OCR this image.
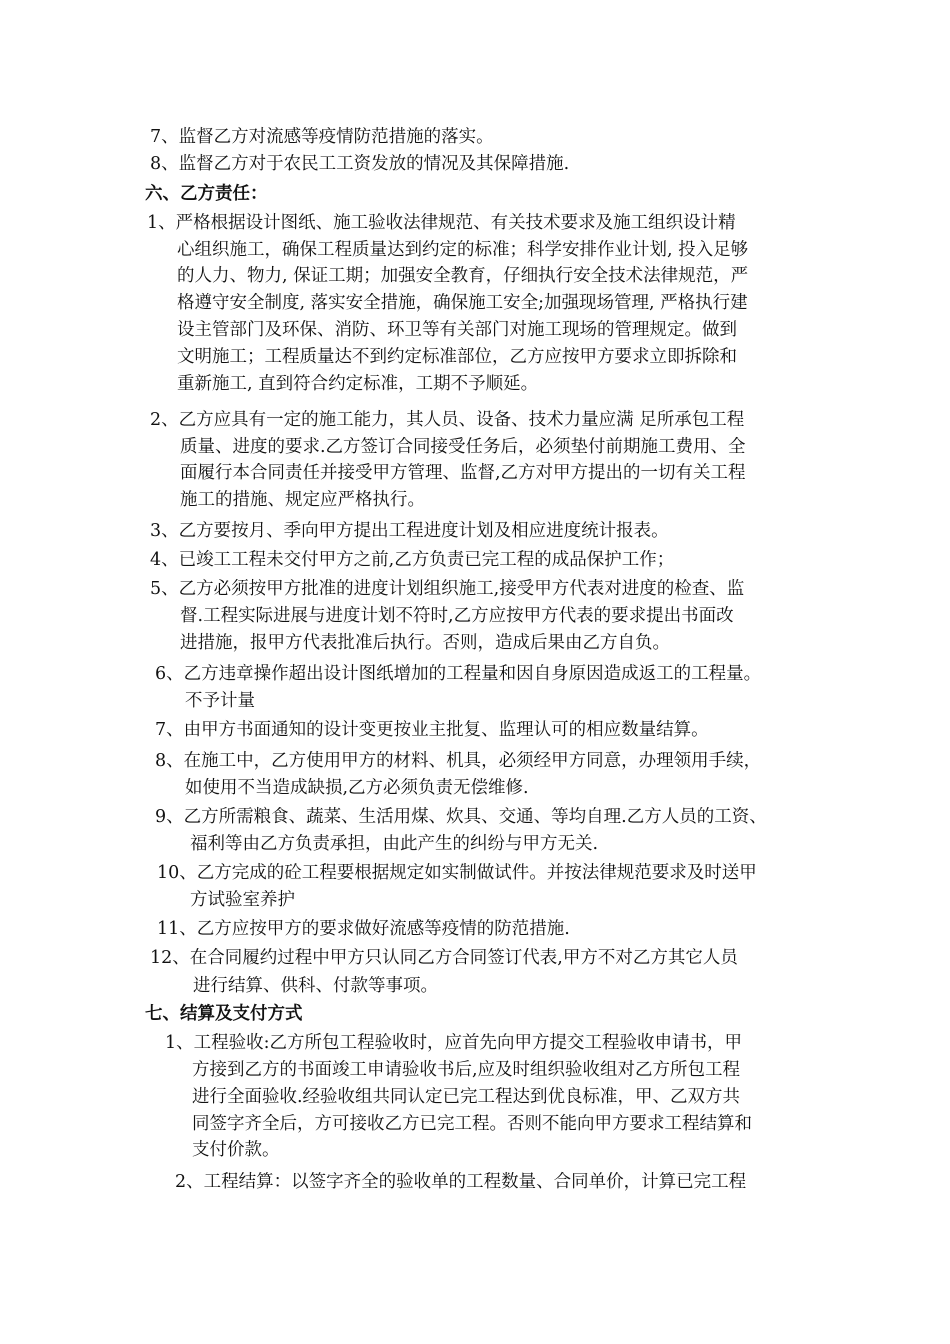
7、监督乙方对流感等疫情防范措施的落实。
8、监督乙方对于农民工工资发放的情况及其保障措施.
六、乙方责任：
1、严格根据设计图纸、施工验收法律规范、有关技术要求及施工组织设计精
心组织施工，确保工程质量达到约定的标准；科学安排作业计划, 投入足够
的人力、物力, 保证工期；加强安全教育，仔细执行安全技术法律规范，严
格遵守安全制度, 落实安全措施，确保施工安全;加强现场管理, 严格执行建
设主管部门及环保、消防、环卫等有关部门对施工现场的管理规定。做到
文明施工；工程质量达不到约定标准部位，乙方应按甲方要求立即拆除和
重新施工, 直到符合约定标准，工期不予顺延。
2、乙方应具有一定的施工能力，其人员、设备、技术力量应满 足所承包工程
质量、进度的要求.乙方签订合同接受任务后，必须垫付前期施工费用、全
面履行本合同责任并接受甲方管理、监督,乙方对甲方提出的一切有关工程
施工的措施、规定应严格执行。
3、乙方要按月、季向甲方提出工程进度计划及相应进度统计报表。
4、已竣工工程未交付甲方之前,乙方负责已完工程的成品保护工作；
5、乙方必须按甲方批准的进度计划组织施工,接受甲方代表对进度的检查、监
督.工程实际进展与进度计划不符时,乙方应按甲方代表的要求提出书面改
进措施，报甲方代表批准后执行。否则，造成后果由乙方自负。
6、乙方违章操作超出设计图纸增加的工程量和因自身原因造成返工的工程量。
不予计量
7、由甲方书面通知的设计变更按业主批复、监理认可的相应数量结算。
8、在施工中，乙方使用甲方的材料、机具，必须经甲方同意，办理领用手续，
如使用不当造成缺损,乙方必须负责无偿维修.
9、乙方所需粮食、蔬菜、生活用煤、炊具、交通、等均自理.乙方人员的工资、
福利等由乙方负责承担，由此产生的纠纷与甲方无关.
10、乙方完成的砼工程要根据规定如实制做试件。并按法律规范要求及时送甲
方试验室养护
11、乙方应按甲方的要求做好流感等疫情的防范措施.
12、在合同履约过程中甲方只认同乙方合同签订代表,甲方不对乙方其它人员
进行结算、供科、付款等事项。
七、结算及支付方式
1、工程验收:乙方所包工程验收时，应首先向甲方提交工程验收申请书，甲
方接到乙方的书面竣工申请验收书后,应及时组织验收组对乙方所包工程
进行全面验收.经验收组共同认定已完工程达到优良标准，甲、乙双方共
同签字齐全后，方可接收乙方已完工程。否则不能向甲方要求工程结算和
支付价款。
2、工程结算：以签字齐全的验收单的工程数量、合同单价，计算已完工程
